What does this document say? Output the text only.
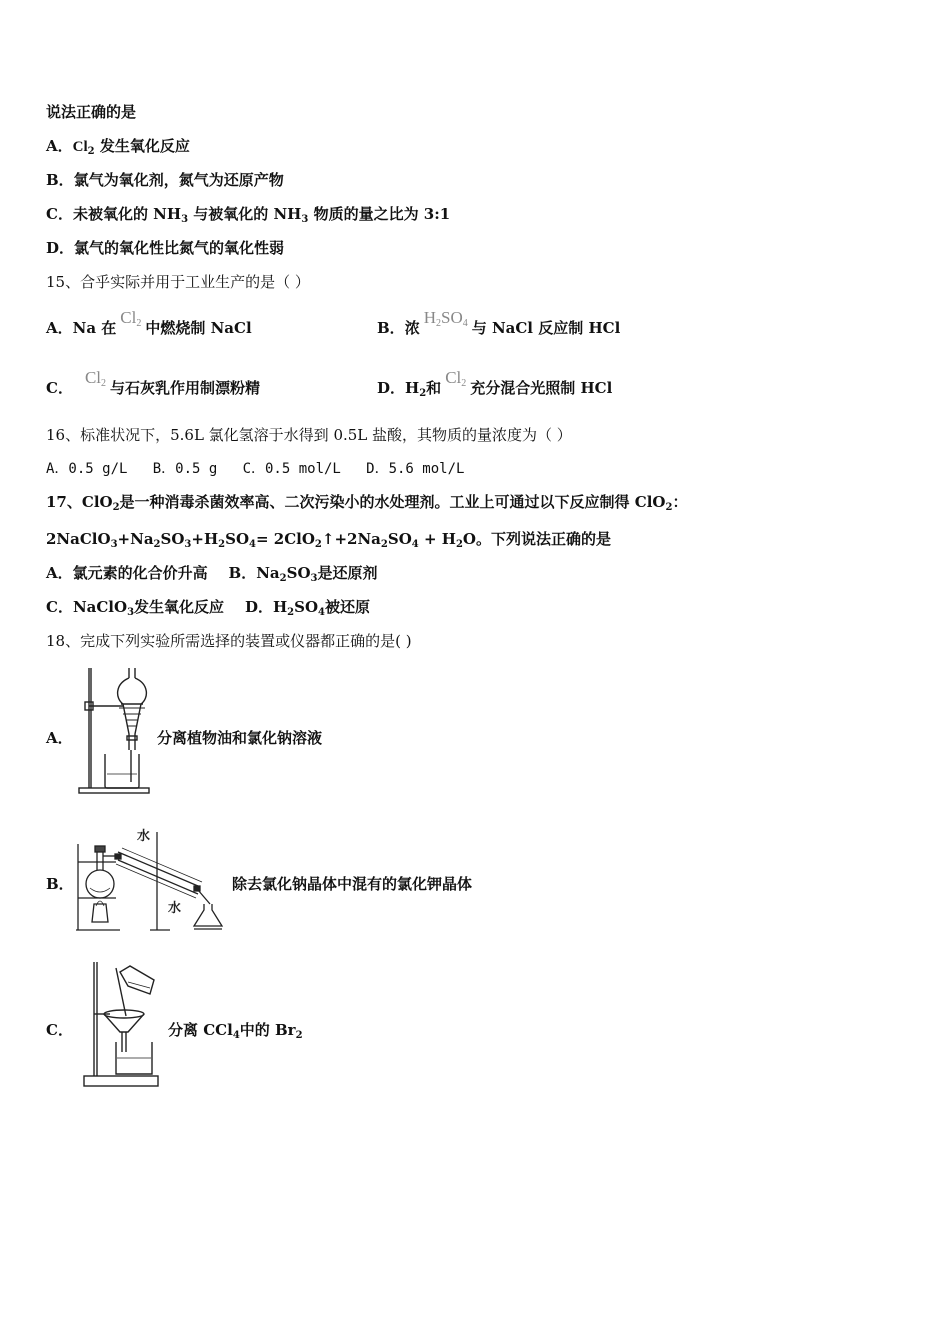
说法正确的是
A．$Cl_2$ 发生氧化反应
B．氯气为氧化剂，氮气为还原产物
C．未被氧化的 $NH_3$ 与被氧化的 $NH_3$ 物质的量之比为 3:1
D．氯气的氧化性比氮气的氧化性弱
15、合乎实际并用于工业生产的是（ ）
A．Na 在$Cl_2$ 中燃烧制 NaCl	B．浓$H_2SO_4$ 与 NaCl 反应制 HCl
C．$Cl_2$ 与石灰乳作用制漂粉精	D．$H_2$和$Cl_2$ 充分混合光照制 HCl
16、标准状况下，5.6L 氯化氢溶于水得到 0.5L 盐酸，其物质的量浓度为（ ）
A．0.5 g/L   B．0.5 g   C．0.5 mol/L   D．5.6 mol/L
17、ClO$_2$是一种消毒杀菌效率高、二次污染小的水处理剂。工业上可通过以下反应制得 ClO$_2$：
$2NaClO_3+Na_2SO_3+H_2SO_4=$ $2ClO_2↑+2Na_2SO_4 + H_2O$。下列说法正确的是
A．氯元素的化合价升高 B．$Na_2SO_3$是还原剂
C．NaClO$_3$发生氧化反应 D．$H_2SO_4$被还原
18、完成下列实验所需选择的装置或仪器都正确的是( )
A．	分离植物油和氯化钠溶液
B．	除去氯化钠晶体中混有的氯化钾晶体
水
水
C．	分离 CCl$_4$中的 $Br_2$
